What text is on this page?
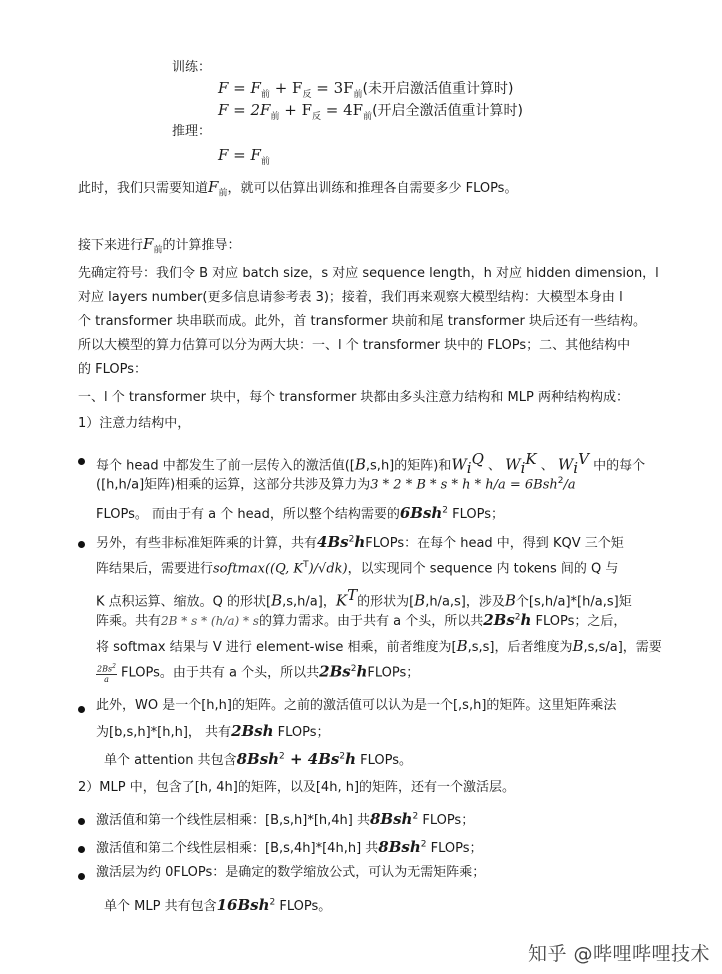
训练：
$F = F_前 + F_反 = 3F_前$(未开启激活值重计算时)
$F = 2F_前 + F_反 = 4F_前$(开启全激活值重计算时)
推理：
$F = F_前$
此时，我们只需要知道$F_前$，就可以估算出训练和推理各自需要多少 FLOPs。
接下来进行$F_前$的计算推导：
先确定符号：我们令 B 对应 batch size，s 对应 sequence length，h 对应 hidden dimension，l
对应 layers number(更多信息请参考表 3)；接着，我们再来观察大模型结构：大模型本身由 l
个 transformer 块串联而成。此外，首 transformer 块前和尾 transformer 块后还有一些结构。
所以大模型的算力估算可以分为两大块：一、l 个 transformer 块中的 FLOPs；二、其他结构中
的 FLOPs：
一、l 个 transformer 块中，每个 transformer 块都由多头注意力结构和 MLP 两种结构构成：
1）注意力结构中，
每个 head 中都发生了前一层传入的激活值([B,s,h]的矩阵)和$W_i^Q$ 、 $W_i^K$ 、 $W_i^V$ 中的每个
([h,h/a]矩阵)相乘的运算，这部分共涉及算力为3 * 2 * B * s * h * h/a = 6Bsh$^2$/a
FLOPs。 而由于有 a 个 head，所以整个结构需要的6Bsh$^2$ FLOPs；
另外，有些非标准矩阵乘的计算，共有4Bs$^2$hFLOPs：在每个 head 中，得到 KQV 三个矩
阵结果后，需要进行softmax((Q, $K^T)/√dk$)，以实现同个 sequence 内 tokens 间的 Q 与
K 点积运算、缩放。Q 的形状[B,s,h/a]，$K^T$的形状为[B,h/a,s]，涉及B个[s,h/a]*[h/a,s]矩
阵乘。共有2B * s * (h/a) * s的算力需求。由于共有 a 个头，所以共2Bs$^2$h FLOPs；之后，
将 softmax 结果与 V 进行 element-wise 相乘，前者维度为[B,s,s]，后者维度为B,s,s/a]，需要
$\frac{2Bs^2}{a}$ FLOPs。由于共有 a 个头，所以共2Bs$^2$hFLOPs；
此外，WO 是一个[h,h]的矩阵。之前的激活值可以认为是一个[,s,h]的矩阵。这里矩阵乘法
为[b,s,h]*[h,h]， 共有2Bsh FLOPs；
单个 attention 共包含$8Bsh^2 + 4Bs^2h$ FLOPs。
2）MLP 中，包含了[h, 4h]的矩阵，以及[4h, h]的矩阵，还有一个激活层。
激活值和第一个线性层相乘：[B,s,h]*[h,4h] 共8Bsh$^2$ FLOPs；
激活值和第二个线性层相乘：[B,s,4h]*[4h,h] 共8Bsh$^2$ FLOPs；
激活层为约 0FLOPs：是确定的数学缩放公式，可认为无需矩阵乘；
单个 MLP 共有包含16Bsh$^2$ FLOPs。
知乎 @哔哩哔哩技术
